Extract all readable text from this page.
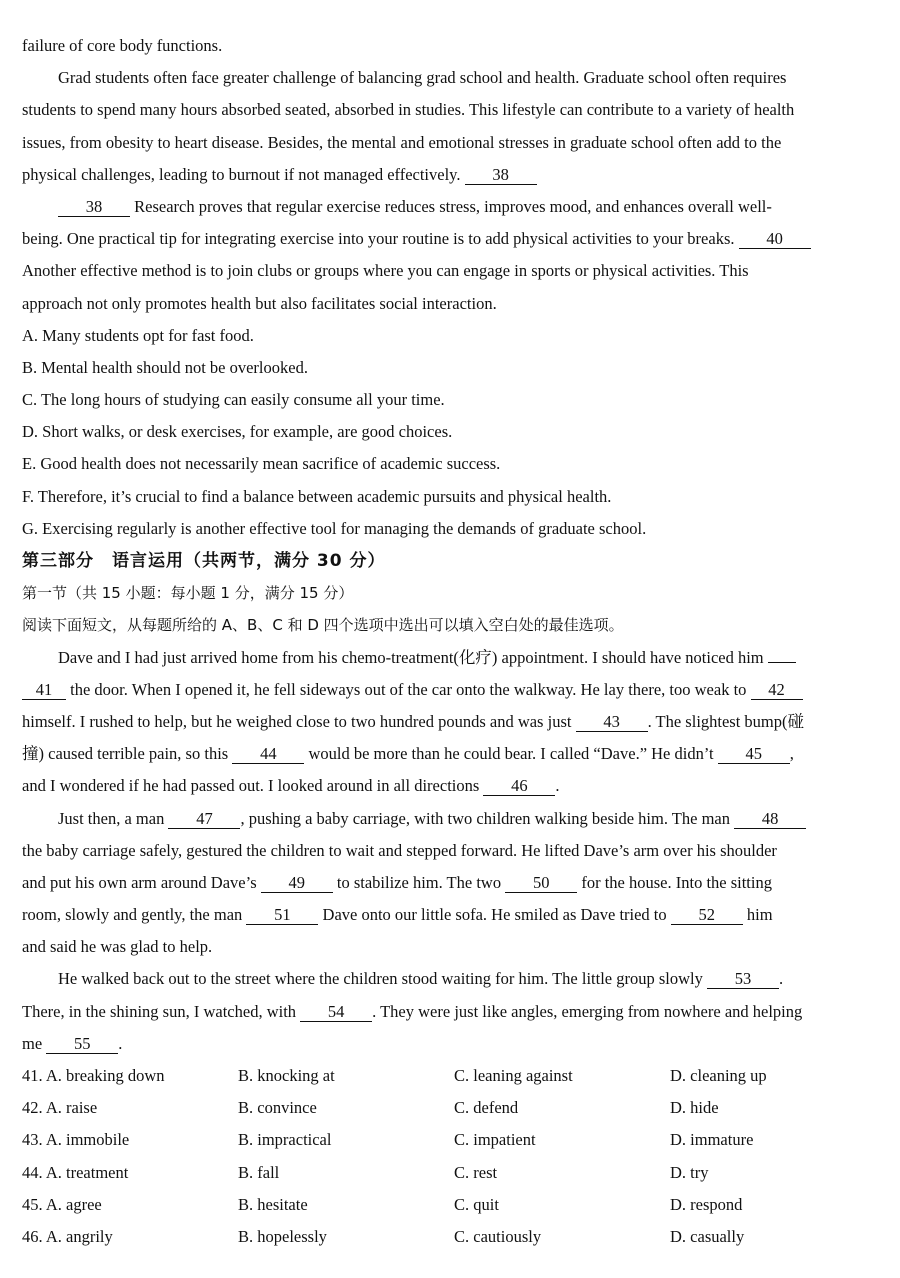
failure of core body functions.
Grad students often face greater challenge of balancing grad school and health. Graduate school often requires
students to spend many hours absorbed seated, absorbed in studies. This lifestyle can contribute to a variety of health
issues, from obesity to heart disease. Besides, the mental and emotional stresses in graduate school often add to the
physical challenges, leading to burnout if not managed effectively. 38
38 Research proves that regular exercise reduces stress, improves mood, and enhances overall well-
being. One practical tip for integrating exercise into your routine is to add physical activities to your breaks. 40
Another effective method is to join clubs or groups where you can engage in sports or physical activities. This
approach not only promotes health but also facilitates social interaction.
A. Many students opt for fast food.
B. Mental health should not be overlooked.
C. The long hours of studying can easily consume all your time.
D. Short walks, or desk exercises, for example, are good choices.
E. Good health does not necessarily mean sacrifice of academic success.
F. Therefore, it’s crucial to find a balance between academic pursuits and physical health.
G. Exercising regularly is another effective tool for managing the demands of graduate school.
第三部分　语言运用（共两节，满分 30 分）
第一节（共 15 小题：每小题 1 分，满分 15 分）
阅读下面短文，从每题所给的 A、B、C 和 D 四个选项中选出可以填入空白处的最佳选项。
Dave and I had just arrived home from his chemo-treatment(化疗) appointment. I should have noticed him
41 the door. When I opened it, he fell sideways out of the car onto the walkway. He lay there, too weak to 42
himself. I rushed to help, but he weighed close to two hundred pounds and was just 43 . The slightest bump(碰
撞) caused terrible pain, so this 44 would be more than he could bear. I called “Dave.” He didn’t 45 ,
and I wondered if he had passed out. I looked around in all directions 46 .
Just then, a man 47 , pushing a baby carriage, with two children walking beside him. The man 48
the baby carriage safely, gestured the children to wait and stepped forward. He lifted Dave’s arm over his shoulder
and put his own arm around Dave’s 49 to stabilize him. The two 50 for the house. Into the sitting
room, slowly and gently, the man 51 Dave onto our little sofa. He smiled as Dave tried to 52 him
and said he was glad to help.
He walked back out to the street where the children stood waiting for him. The little group slowly 53 .
There, in the shining sun, I watched, with 54 . They were just like angles, emerging from nowhere and helping
me 55 .
41. A. breaking down	B. knocking at	C. leaning against	D. cleaning up
42. A. raise	B. convince	C. defend	D. hide
43. A. immobile	B. impractical	C. impatient	D. immature
44. A. treatment	B. fall	C. rest	D. try
45. A. agree	B. hesitate	C. quit	D. respond
46. A. angrily	B. hopelessly	C. cautiously	D. casually
